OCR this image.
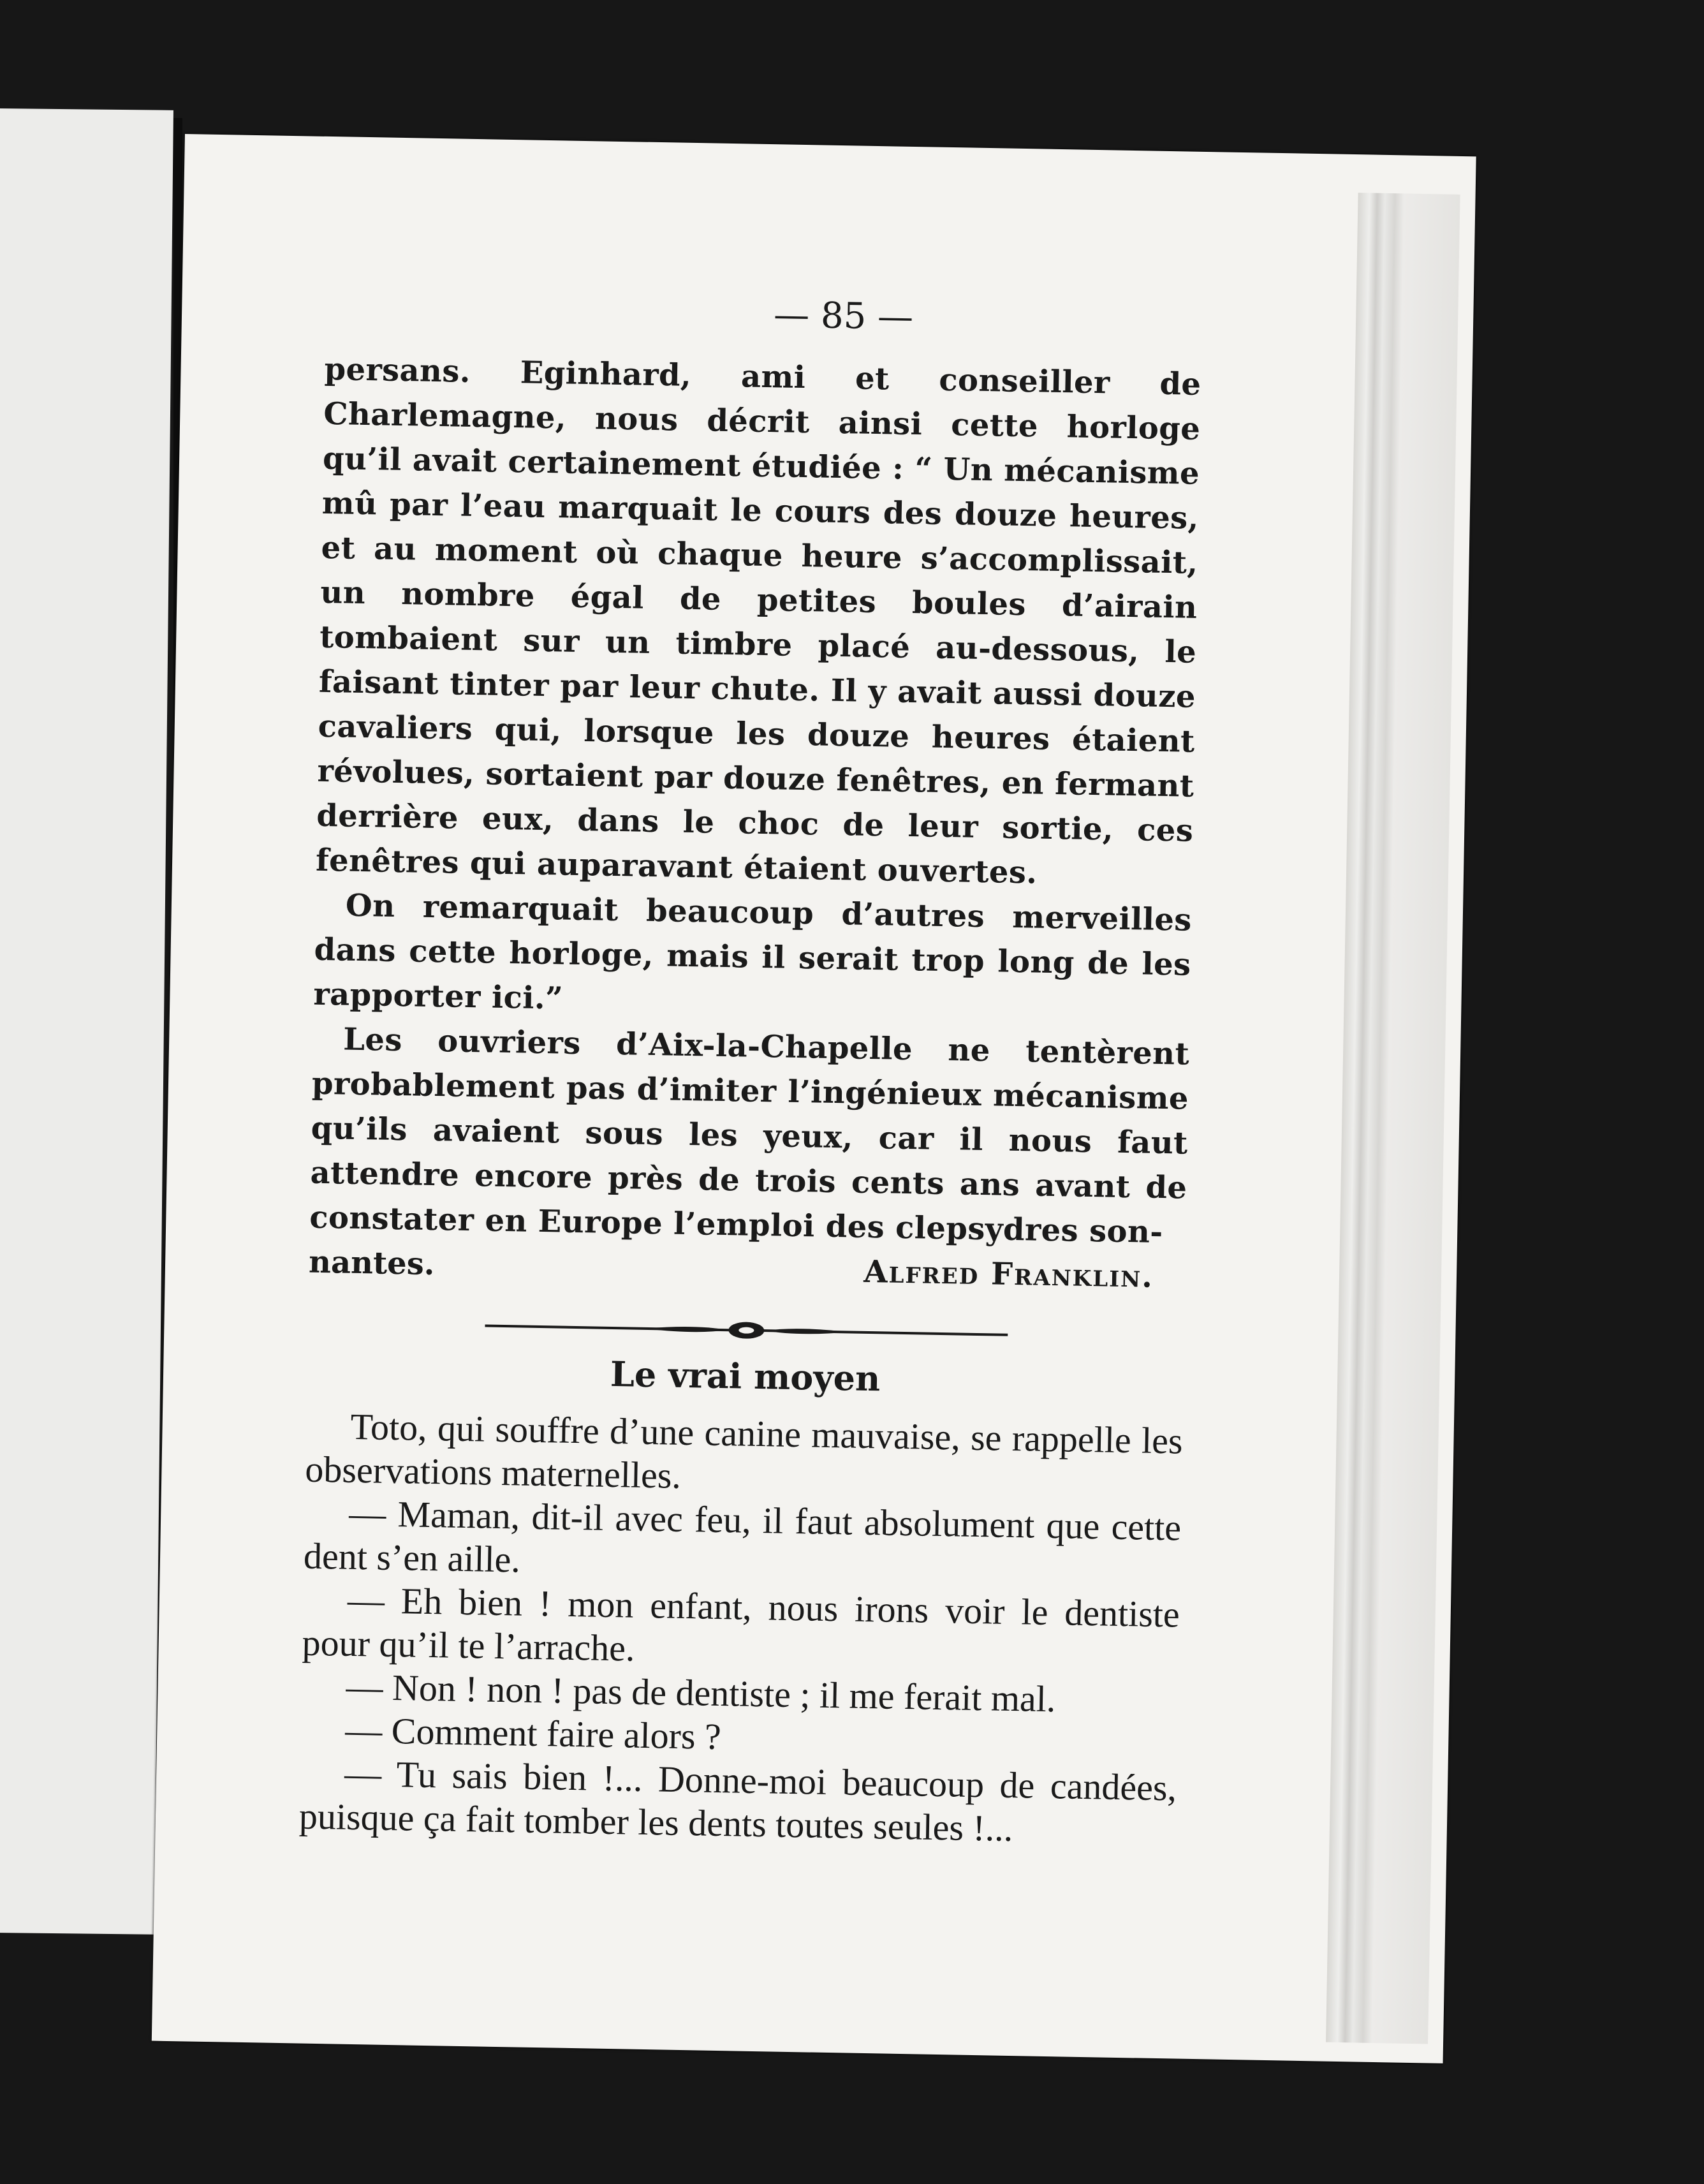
— 85 —

persans. Eginhard, ami et conseiller de Charlemagne, nous décrit ainsi cette horloge qu’il avait certainement étudiée : “ Un mécanisme mû par l’eau marquait le cours des douze heures, et au moment où chaque heure s’accomplissait, un nombre égal de petites boules d’airain tombaient sur un timbre placé au-dessous, le faisant tinter par leur chute. Il y avait aussi douze cavaliers qui, lorsque les douze heures étaient révolues, sortaient par douze fenêtres, en fermant derrière eux, dans le choc de leur sortie, ces fenêtres qui auparavant étaient ouvertes.

On remarquait beaucoup d’autres merveilles dans cette horloge, mais il serait trop long de les rapporter ici.”

Les ouvriers d’Aix-la-Chapelle ne tentèrent probablement pas d’imiter l’ingénieux mécanisme qu’ils avaient sous les yeux, car il nous faut attendre encore près de trois cents ans avant de constater en Europe l’emploi des clepsydres son-

nantes.	Alfred Franklin.
Le vrai moyen

Toto, qui souffre d’une canine mauvaise, se rappelle les observations maternelles.

— Maman, dit-il avec feu, il faut absolument que cette dent s’en aille.

— Eh bien ! mon enfant, nous irons voir le dentiste pour qu’il te l’arrache.

— Non ! non ! pas de dentiste ; il me ferait mal.

— Comment faire alors ?

— Tu sais bien !... Donne-moi beaucoup de candées, puisque ça fait tomber les dents toutes seules !...
